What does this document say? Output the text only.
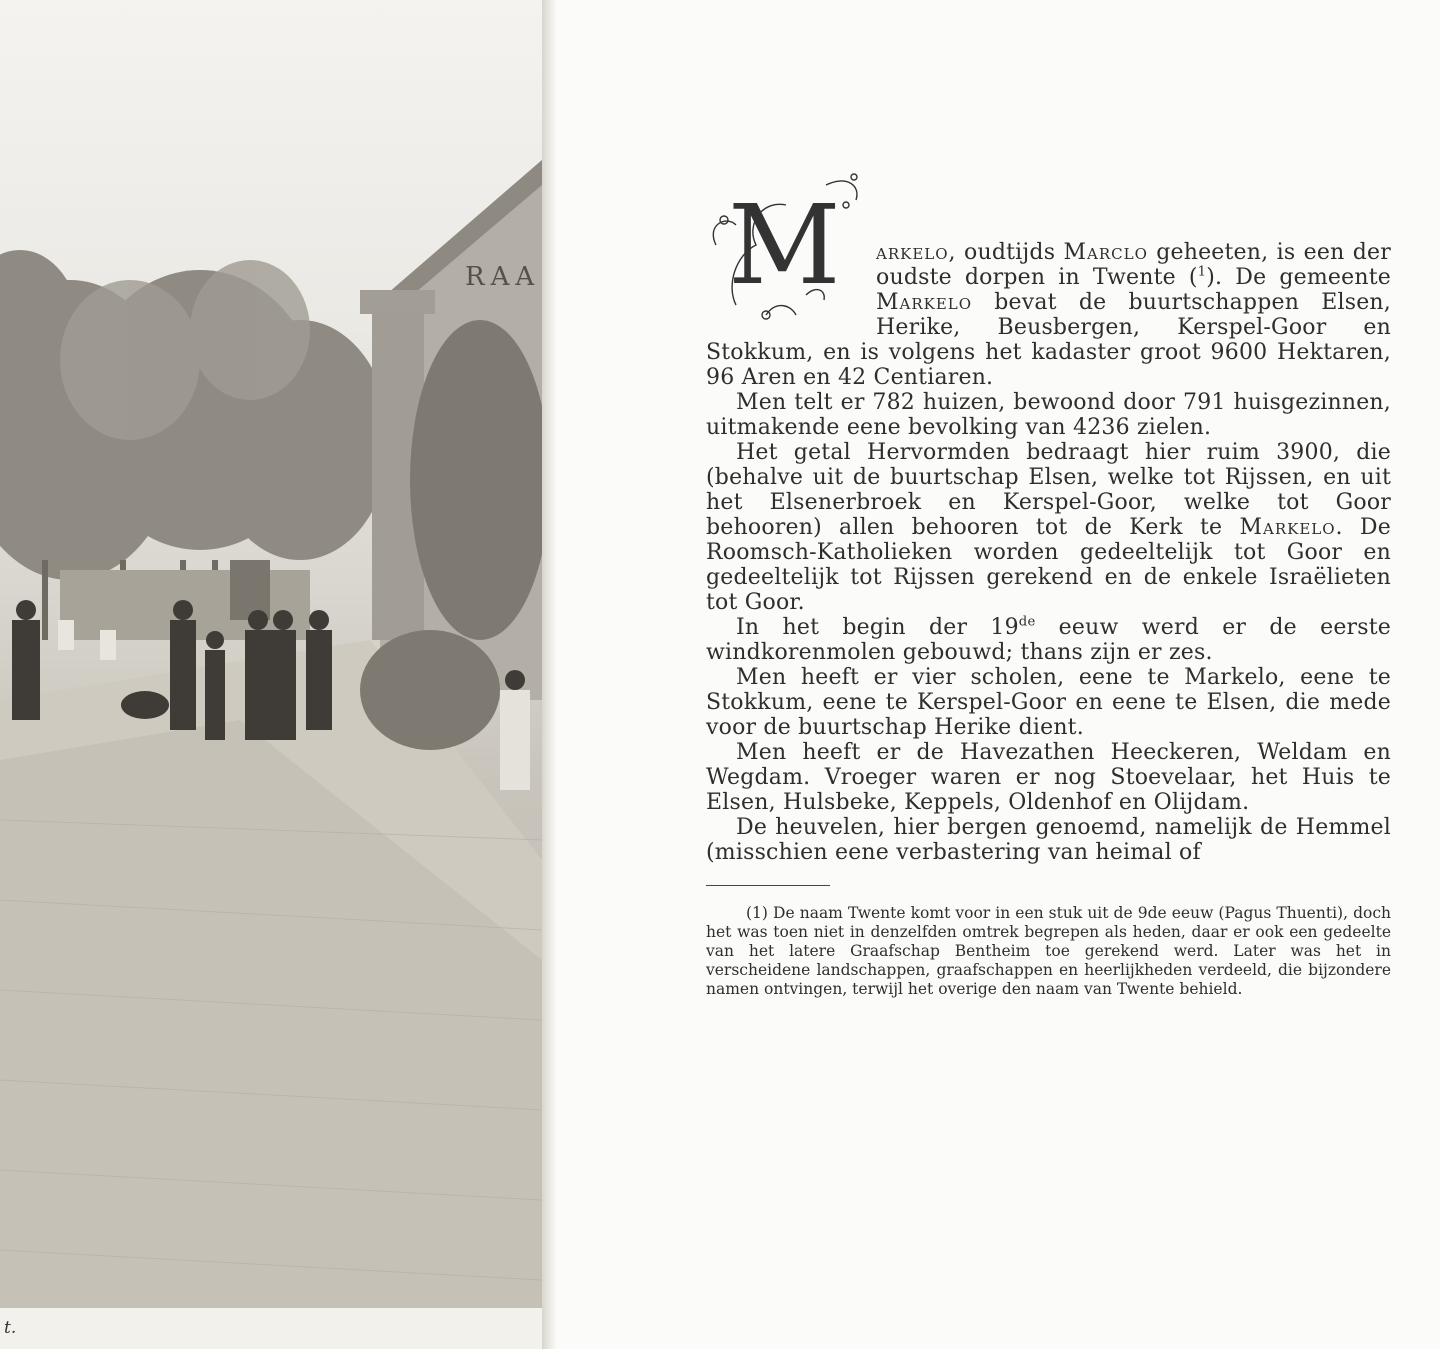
RAA
t.
M	arkelo, oudtijds Marclo geheeten, is een der oudste dorpen in Twente ($^1$). De gemeente Markelo bevat de buurtschappen Elsen, Herike, Beusbergen, Kerspel-Goor en Stokkum, en is volgens het kadaster groot 9600 Hektaren, 96 Aren en 42 Centiaren.

Men telt er 782 huizen, bewoond door 791 huisgezinnen, uitmakende eene bevolking van 4236 zielen.

Het getal Hervormden bedraagt hier ruim 3900, die (behalve uit de buurtschap Elsen, welke tot Rijssen, en uit het Elsenerbroek en Kerspel-Goor, welke tot Goor behooren) allen behooren tot de Kerk te Markelo. De Roomsch-Katholieken worden gedeeltelijk tot Goor en gedeeltelijk tot Rijssen gerekend en de enkele Israëlieten tot Goor.

In het begin der 19de eeuw werd er de eerste windkorenmolen gebouwd; thans zijn er zes.

Men heeft er vier scholen, eene te Markelo, eene te Stokkum, eene te Kerspel-Goor en eene te Elsen, die mede voor de buurtschap Herike dient.

Men heeft er de Havezathen Heeckeren, Weldam en Wegdam. Vroeger waren er nog Stoevelaar, het Huis te Elsen, Hulsbeke, Keppels, Oldenhof en Olijdam.

De heuvelen, hier bergen genoemd, namelijk de Hemmel (misschien eene verbastering van heimal of

(1) De naam Twente komt voor in een stuk uit de 9de eeuw (Pagus Thuenti), doch het was toen niet in denzelfden omtrek begrepen als heden, daar er ook een gedeelte van het latere Graafschap Bentheim toe gerekend werd. Later was het in verscheidene landschappen, graafschappen en heerlijkheden verdeeld, die bijzondere namen ontvingen, terwijl het overige den naam van Twente behield.
